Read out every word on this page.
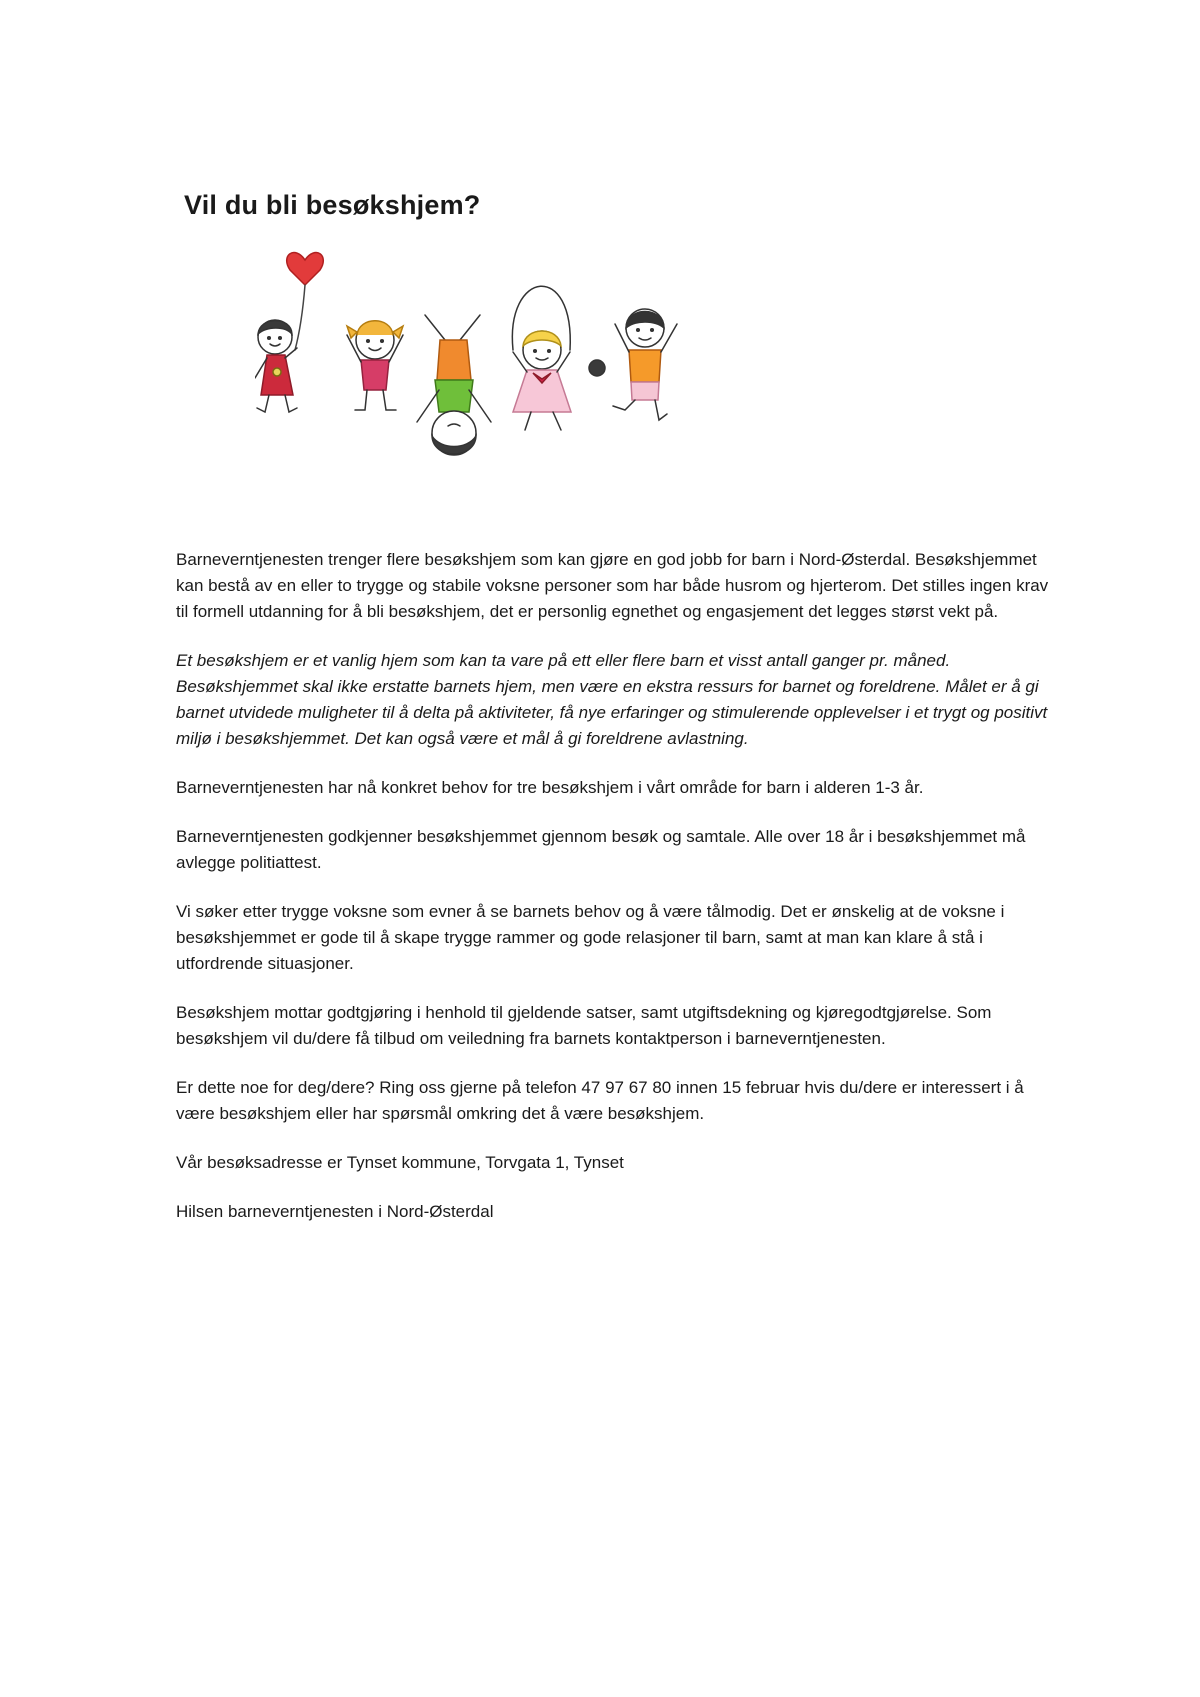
Vil du bli besøkshjem?

Barneverntjenesten trenger flere besøkshjem som kan gjøre en god jobb for barn i Nord-Østerdal. Besøkshjemmet kan bestå av en eller to trygge og stabile voksne personer som har både husrom og hjerterom. Det stilles ingen krav til formell utdanning for å bli besøkshjem, det er personlig egnethet og engasjement det legges størst vekt på.

Et besøkshjem er et vanlig hjem som kan ta vare på ett eller flere barn et visst antall ganger pr. måned. Besøkshjemmet skal ikke erstatte barnets hjem, men være en ekstra ressurs for barnet og foreldrene. Målet er å gi barnet utvidede muligheter til å delta på aktiviteter, få nye erfaringer og stimulerende opplevelser i et trygt og positivt miljø i besøkshjemmet. Det kan også være et mål å gi foreldrene avlastning.

Barneverntjenesten har nå konkret behov for tre besøkshjem i vårt område for barn i alderen 1-3 år.

Barneverntjenesten godkjenner besøkshjemmet gjennom besøk og samtale. Alle over 18 år i besøkshjemmet må avlegge politiattest.

Vi søker etter trygge voksne som evner å se barnets behov og å være tålmodig. Det er ønskelig at de voksne i besøkshjemmet er gode til å skape trygge rammer og gode relasjoner til barn, samt at man kan klare å stå i utfordrende situasjoner.

Besøkshjem mottar godtgjøring i henhold til gjeldende satser, samt utgiftsdekning og kjøregodtgjørelse. Som besøkshjem vil du/dere få tilbud om veiledning fra barnets kontaktperson i barneverntjenesten.

Er dette noe for deg/dere? Ring oss gjerne på telefon 47 97 67 80 innen 15 februar hvis du/dere er interessert i å være besøkshjem eller har spørsmål omkring det å være besøkshjem.

Vår besøksadresse er Tynset kommune, Torvgata 1, Tynset

Hilsen barneverntjenesten i Nord-Østerdal
